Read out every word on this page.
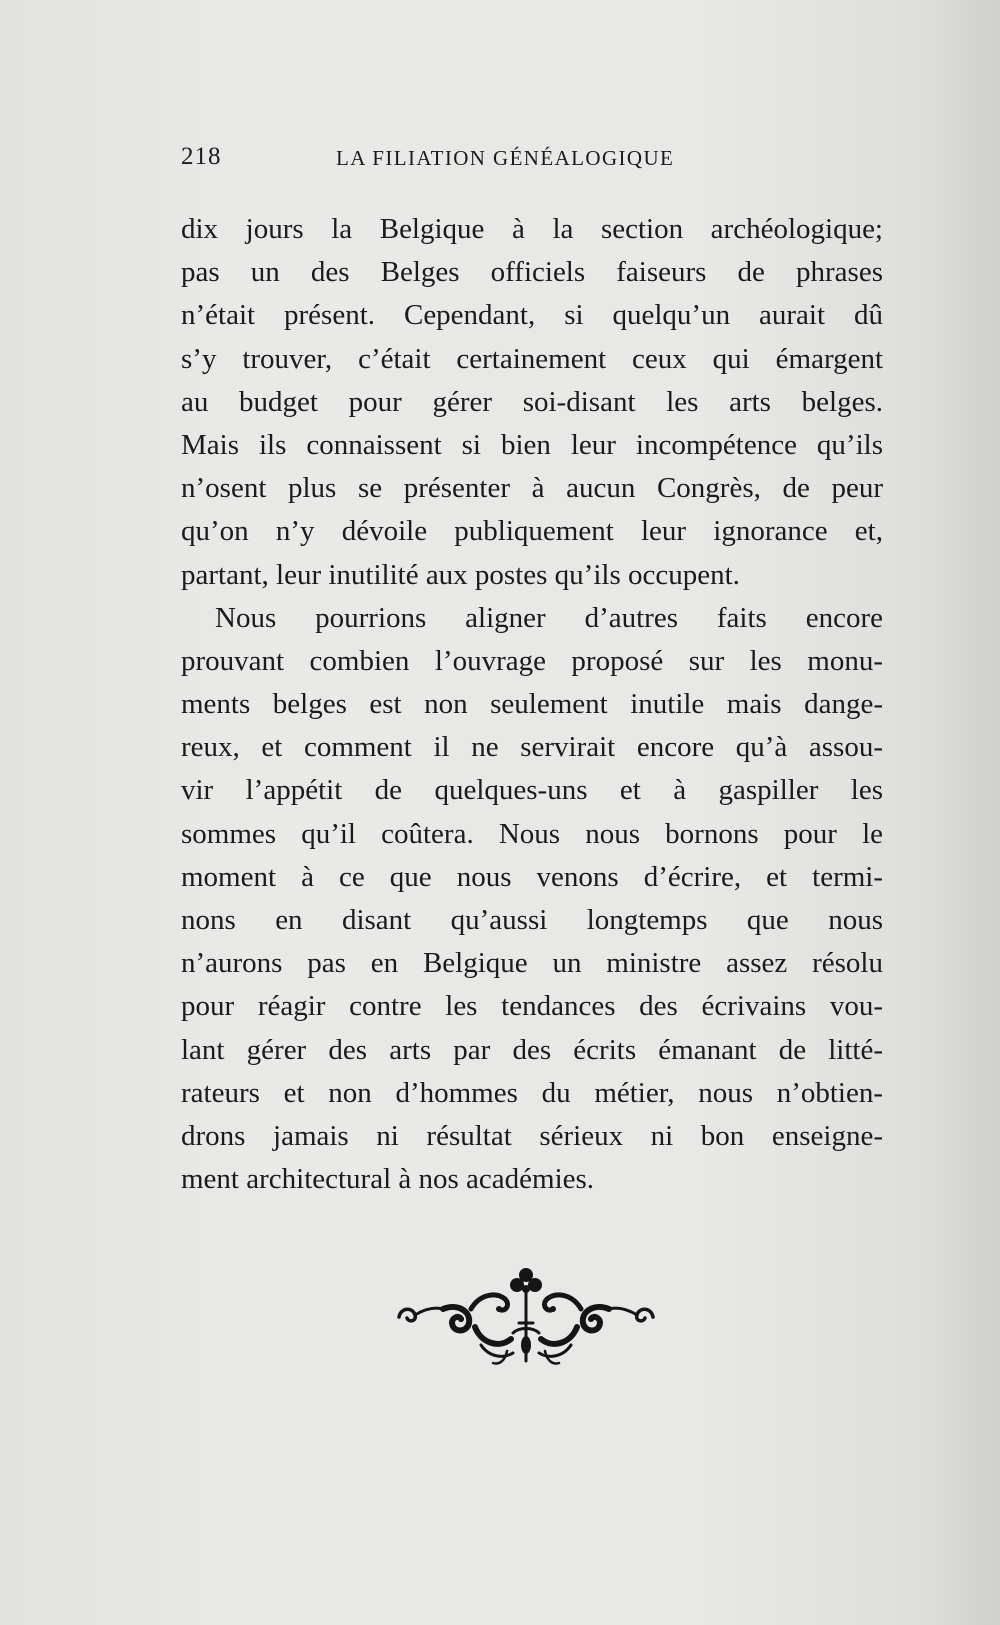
218	LA FILIATION GÉNÉALOGIQUE
dix jours la Belgique à la section archéologique;
pas un des Belges officiels faiseurs de phrases
n’était présent. Cependant, si quelqu’un aurait dû
s’y trouver, c’était certainement ceux qui émargent
au budget pour gérer soi-disant les arts belges.
Mais ils connaissent si bien leur incompétence qu’ils
n’osent plus se présenter à aucun Congrès, de peur
qu’on n’y dévoile publiquement leur ignorance et,
partant, leur inutilité aux postes qu’ils occupent.
Nous pourrions aligner d’autres faits encore
prouvant combien l’ouvrage proposé sur les monu-
ments belges est non seulement inutile mais dange-
reux, et comment il ne servirait encore qu’à assou-
vir l’appétit de quelques-uns et à gaspiller les
sommes qu’il coûtera. Nous nous bornons pour le
moment à ce que nous venons d’écrire, et termi-
nons en disant qu’aussi longtemps que nous
n’aurons pas en Belgique un ministre assez résolu
pour réagir contre les tendances des écrivains vou-
lant gérer des arts par des écrits émanant de litté-
rateurs et non d’hommes du métier, nous n’obtien-
drons jamais ni résultat sérieux ni bon enseigne-
ment architectural à nos académies.
